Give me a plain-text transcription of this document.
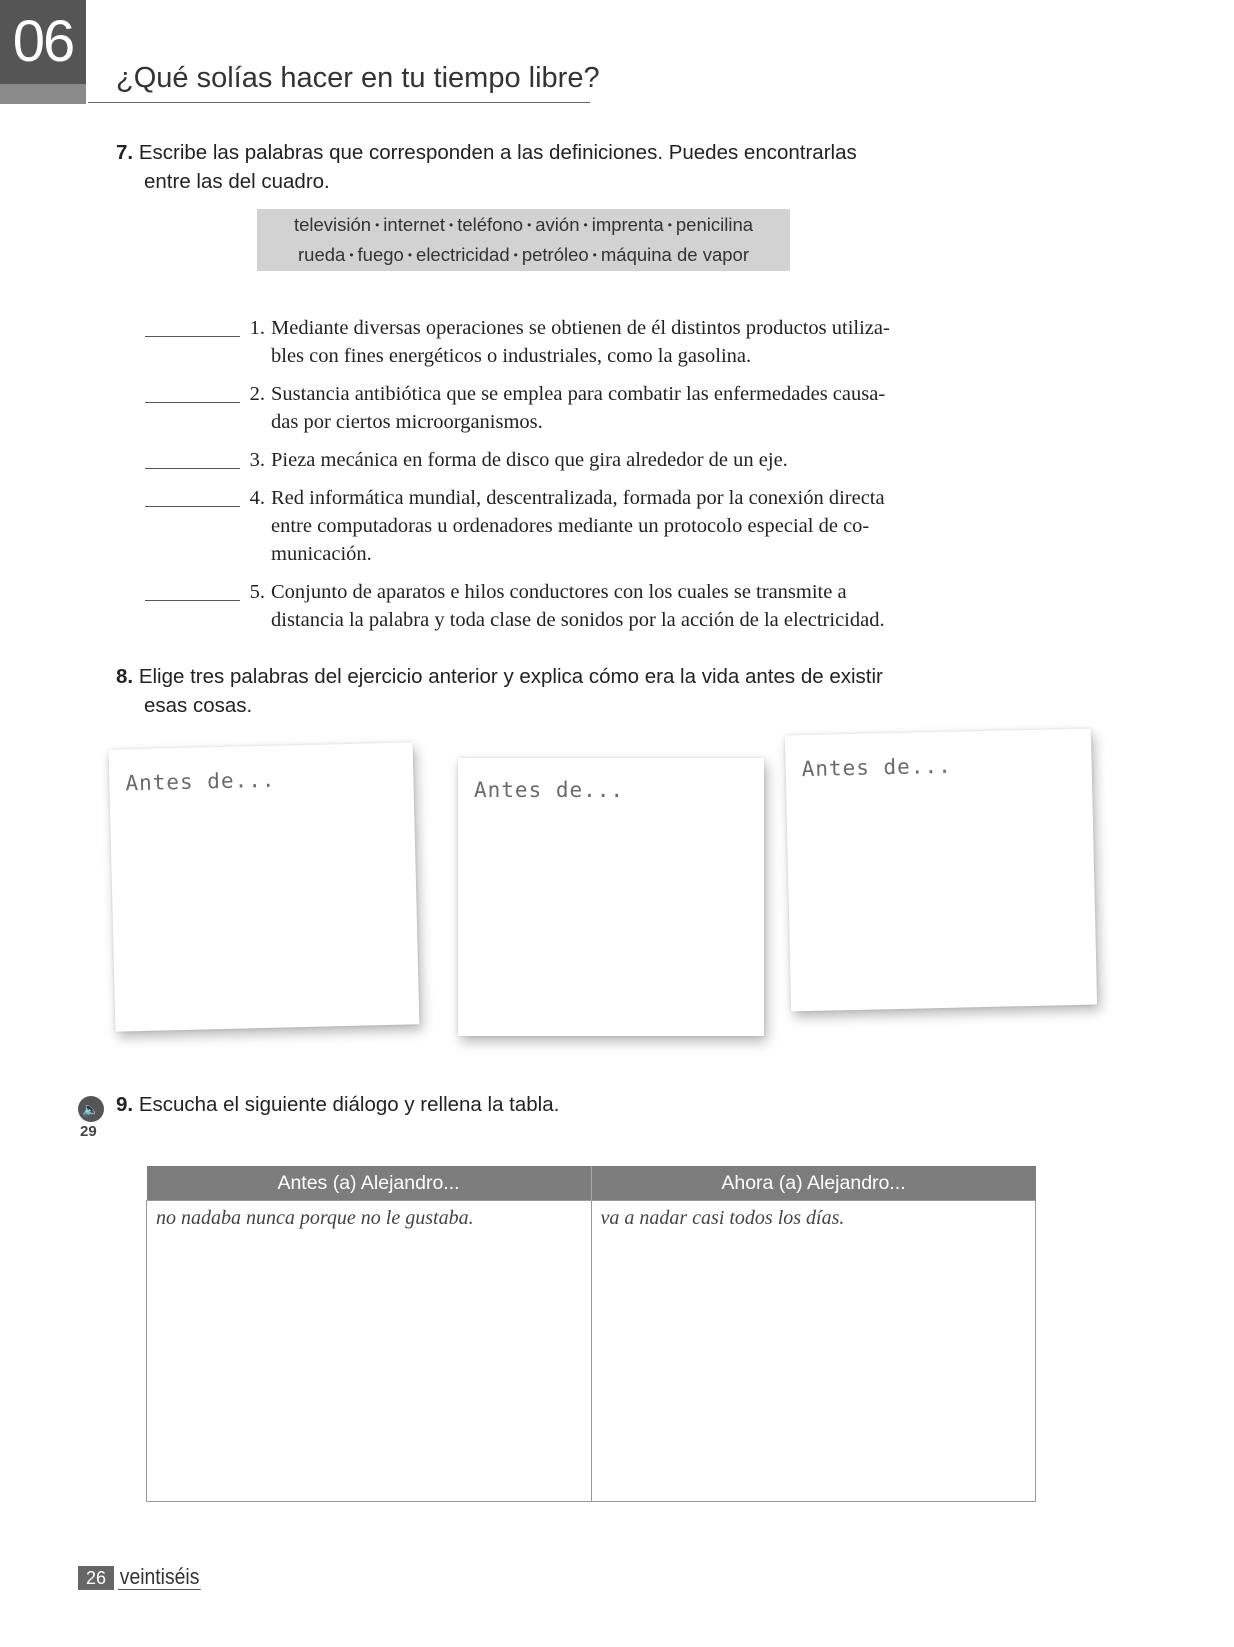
06
¿Qué solías hacer en tu tiempo libre?
7. Escribe las palabras que corresponden a las definiciones. Puedes encontrarlas
entre las del cuadro.
televisión • internet • teléfono • avión • imprenta • penicilina
rueda • fuego • electricidad • petróleo • máquina de vapor
1. Mediante diversas operaciones se obtienen de él distintos productos utiliza-
bles con fines energéticos o industriales, como la gasolina.
2. Sustancia antibiótica que se emplea para combatir las enfermedades causa-
das por ciertos microorganismos.
3. Pieza mecánica en forma de disco que gira alrededor de un eje.
4. Red informática mundial, descentralizada, formada por la conexión directa
entre computadoras u ordenadores mediante un protocolo especial de co-
municación.
5. Conjunto de aparatos e hilos conductores con los cuales se transmite a
distancia la palabra y toda clase de sonidos por la acción de la electricidad.
8. Elige tres palabras del ejercicio anterior y explica cómo era la vida antes de existir
esas cosas.
Antes de...	Antes de...
Antes de...
🔈
29
9. Escucha el siguiente diálogo y rellena la tabla.
Antes (a) Alejandro...	Ahora (a) Alejandro...
no nadaba nunca porque no le gustaba.	va a nadar casi todos los días.
26 veintiséis
